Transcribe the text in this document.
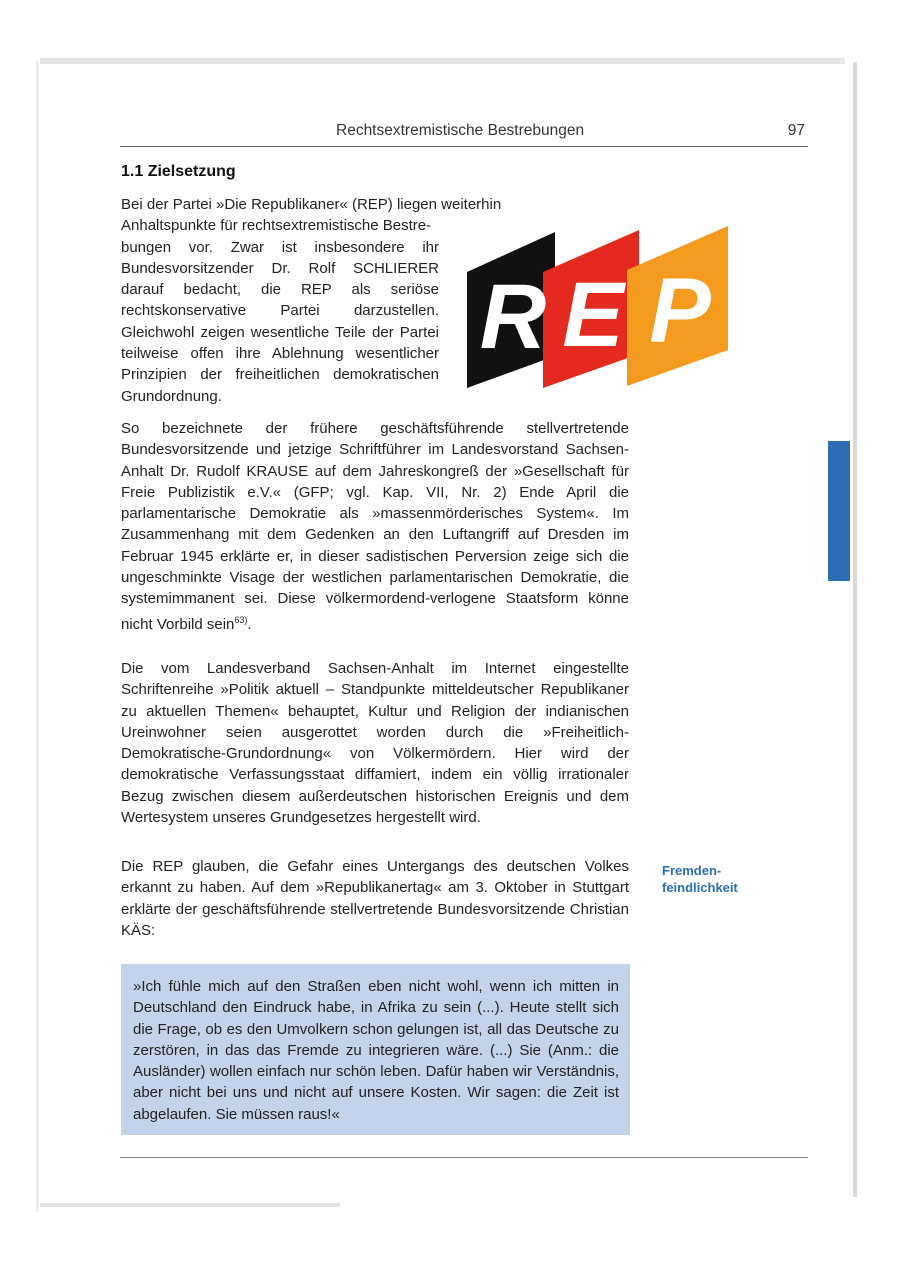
Rechtsextremistische Bestrebungen	97
1.1 Zielsetzung
Bei der Partei »Die Republikaner« (REP) liegen weiterhin
Anhaltspunkte für rechtsextremistische Bestre-
bungen vor. Zwar ist insbesondere ihr Bundesvorsitzender Dr. Rolf SCHLIERER darauf bedacht, die REP als seriöse rechtskonservative Partei darzustellen. Gleichwohl zeigen wesentliche Teile der Partei teilweise offen ihre Ablehnung wesentlicher Prinzipien der freiheitlichen demokratischen Grundordnung.
R E P

So bezeichnete der frühere geschäftsführende stellvertretende Bundesvorsitzende und jetzige Schriftführer im Landesvorstand Sachsen-Anhalt Dr. Rudolf KRAUSE auf dem Jahreskongreß der »Gesellschaft für Freie Publizistik e.V.« (GFP; vgl. Kap. VII, Nr. 2) Ende April die parlamentarische Demokratie als »massenmörderisches System«. Im Zusammenhang mit dem Gedenken an den Luftangriff auf Dresden im Februar 1945 erklärte er, in dieser sadistischen Perversion zeige sich die ungeschminkte Visage der westlichen parlamentarischen Demokratie, die systemimmanent sei. Diese völkermordend-verlogene Staatsform könne nicht Vorbild sein$^{63)}$.

Die vom Landesverband Sachsen-Anhalt im Internet eingestellte Schriftenreihe »Politik aktuell – Standpunkte mitteldeutscher Republikaner zu aktuellen Themen« behauptet, Kultur und Religion der indianischen Ureinwohner seien ausgerottet worden durch die »Freiheitlich-Demokratische-Grundordnung« von Völkermördern. Hier wird der demokratische Verfassungsstaat diffamiert, indem ein völlig irrationaler Bezug zwischen diesem außerdeutschen historischen Ereignis und dem Wertesystem unseres Grundgesetzes hergestellt wird.

Die REP glauben, die Gefahr eines Untergangs des deutschen Volkes erkannt zu haben. Auf dem »Republikanertag« am 3. Oktober in Stuttgart erklärte der geschäftsführende stellvertretende Bundesvorsitzende Christian KÄS:

Fremden-
feindlichkeit

»Ich fühle mich auf den Straßen eben nicht wohl, wenn ich mitten in Deutschland den Eindruck habe, in Afrika zu sein (...). Heute stellt sich die Frage, ob es den Umvolkern schon gelungen ist, all das Deutsche zu zerstören, in das das Fremde zu integrieren wäre. (...) Sie (Anm.: die Ausländer) wollen einfach nur schön leben. Dafür haben wir Verständnis, aber nicht bei uns und nicht auf unsere Kosten. Wir sagen: die Zeit ist abgelaufen. Sie müssen raus!«
